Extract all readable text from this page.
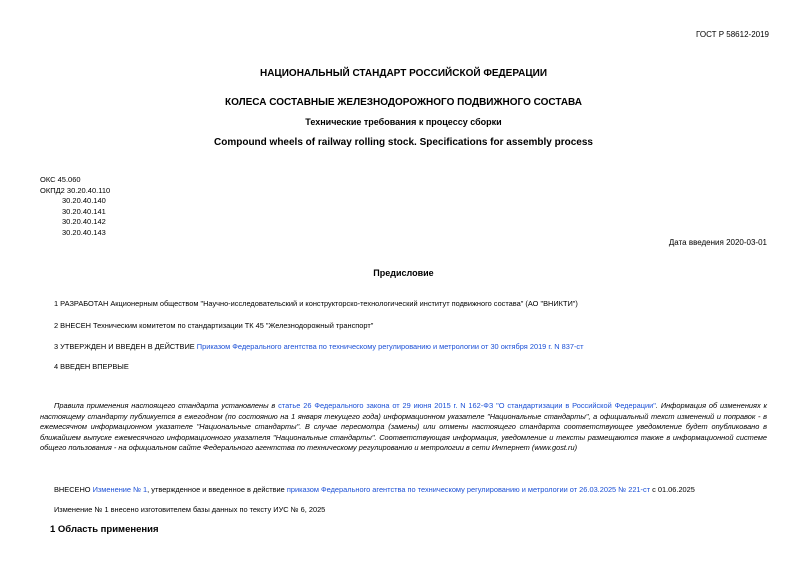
ГОСТ Р 58612-2019
НАЦИОНАЛЬНЫЙ СТАНДАРТ РОССИЙСКОЙ ФЕДЕРАЦИИ
КОЛЕСА СОСТАВНЫЕ ЖЕЛЕЗНОДОРОЖНОГО ПОДВИЖНОГО СОСТАВА
Технические требования к процессу сборки
Compound wheels of railway rolling stock. Specifications for assembly process
ОКС 45.060
ОКПД2 30.20.40.110
30.20.40.140
30.20.40.141
30.20.40.142
30.20.40.143
Дата введения 2020-03-01
Предисловие
1 РАЗРАБОТАН Акционерным обществом "Научно-исследовательский и конструкторско-технологический институт подвижного состава" (АО "ВНИКТИ")
2 ВНЕСЕН Техническим комитетом по стандартизации ТК 45 "Железнодорожный транспорт"
3 УТВЕРЖДЕН И ВВЕДЕН В ДЕЙСТВИЕ Приказом Федерального агентства по техническому регулированию и метрологии от 30 октября 2019 г. N 837-ст
4 ВВЕДЕН ВПЕРВЫЕ
Правила применения настоящего стандарта установлены в статье 26 Федерального закона от 29 июня 2015 г. N 162-ФЗ "О стандартизации в Российской Федерации". Информация об изменениях к настоящему стандарту публикуется в ежегодном (по состоянию на 1 января текущего года) информационном указателе "Национальные стандарты", а официальный текст изменений и поправок - в ежемесячном информационном указателе "Национальные стандарты". В случае пересмотра (замены) или отмены настоящего стандарта соответствующее уведомление будет опубликовано в ближайшем выпуске ежемесячного информационного указателя "Национальные стандарты". Соответствующая информация, уведомление и тексты размещаются также в информационной системе общего пользования - на официальном сайте Федерального агентства по техническому регулированию и метрологии в сети Интернет (www.gost.ru)
ВНЕСЕНО Изменение № 1, утвержденное и введенное в действие приказом Федерального агентства по техническому регулированию и метрологии от 26.03.2025 № 221-ст с 01.06.2025
Изменение № 1 внесено изготовителем базы данных по тексту ИУС № 6, 2025
1 Область применения
